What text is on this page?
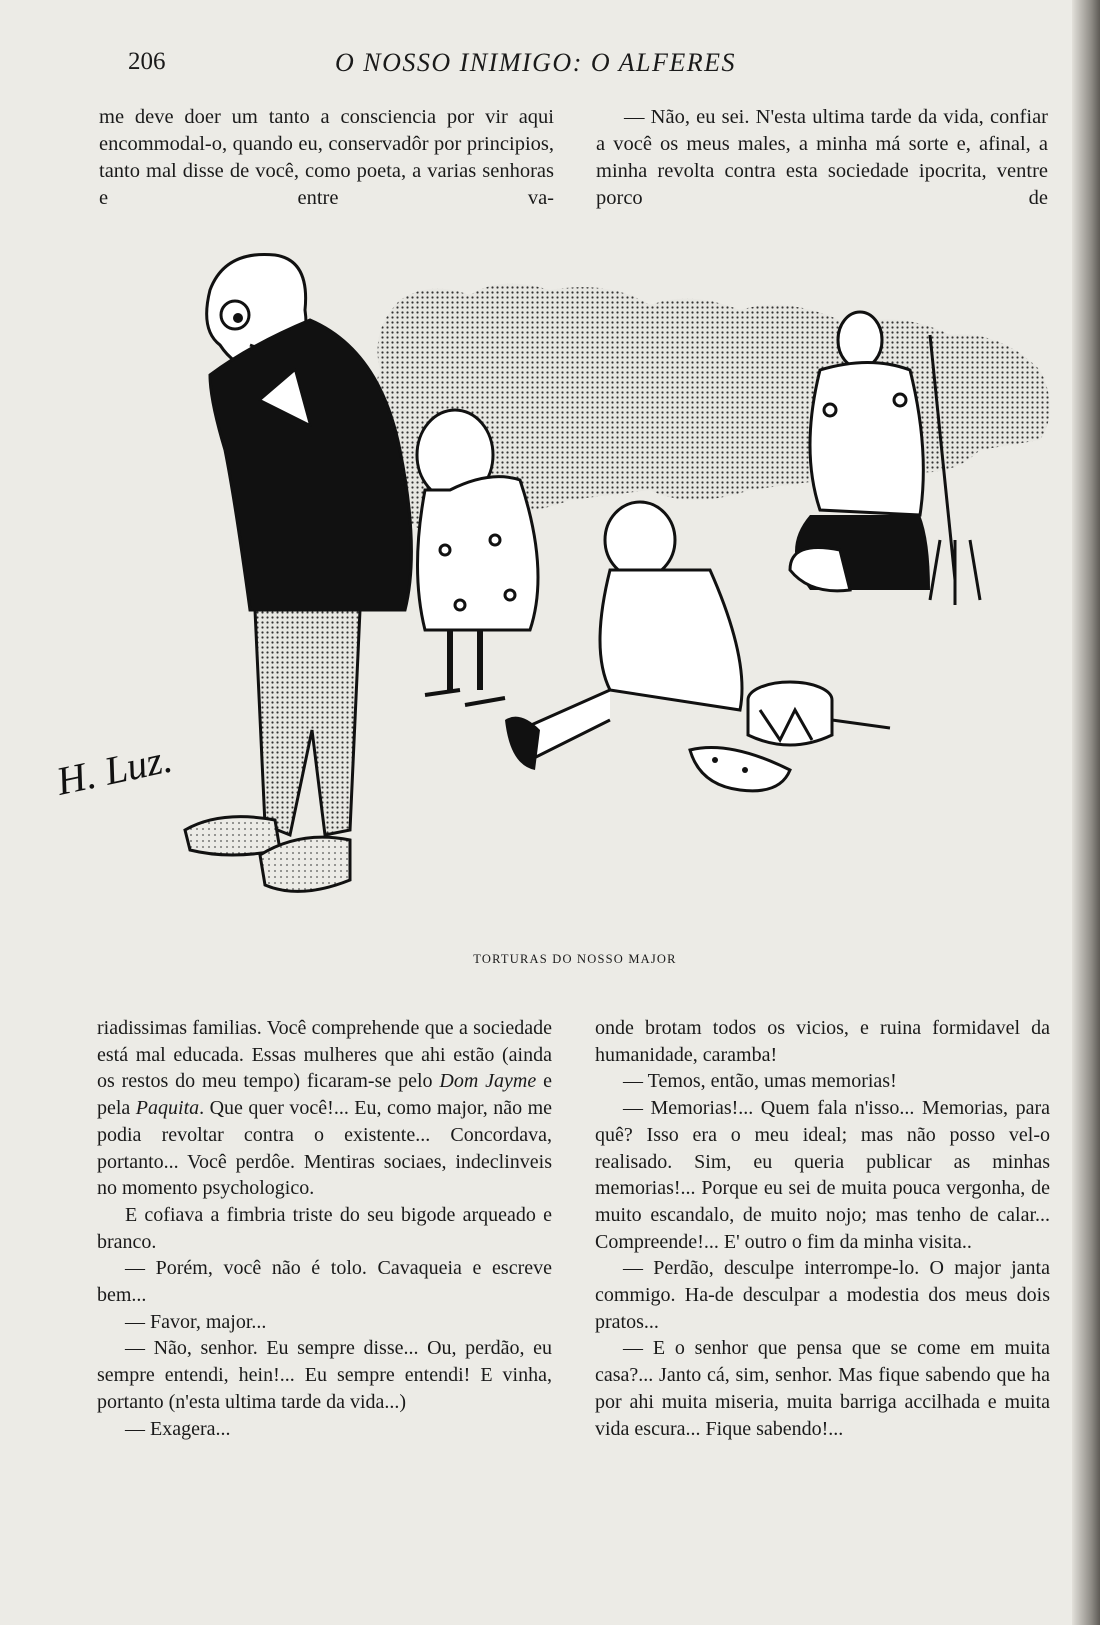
206	O NOSSO INIMIGO: O ALFERES

me deve doer um tanto a consciencia por vir aqui encommodal-o, quando eu, conservadôr por principios, tanto mal disse de você, como poeta, a varias senhoras e entre va-

— Não, eu sei. N'esta ultima tarde da vida, confiar a você os meus males, a minha má sorte e, afinal, a minha revolta contra esta sociedade ipocrita, ventre porco de

H. Luz.
TORTURAS DO NOSSO MAJOR

riadissimas familias. Você comprehende que a sociedade está mal educada. Essas mulheres que ahi estão (ainda os restos do meu tempo) ficaram-se pelo Dom Jayme e pela Paquita. Que quer você!... Eu, como major, não me podia revoltar contra o existente... Concordava, portanto... Você perdôe. Mentiras sociaes, indeclinveis no momento psychologico.

E cofiava a fimbria triste do seu bigode arqueado e branco.

— Porém, você não é tolo. Cavaqueia e escreve bem...

— Favor, major...

— Não, senhor. Eu sempre disse... Ou, perdão, eu sempre entendi, hein!... Eu sempre entendi! E vinha, portanto (n'esta ultima tarde da vida...)

— Exagera...

onde brotam todos os vicios, e ruina formidavel da humanidade, caramba!

— Temos, então, umas memorias!

— Memorias!... Quem fala n'isso... Memorias, para quê? Isso era o meu ideal; mas não posso vel-o realisado. Sim, eu queria publicar as minhas memorias!... Porque eu sei de muita pouca vergonha, de muito escandalo, de muito nojo; mas tenho de calar... Compreende!... E' outro o fim da minha visita..

— Perdão, desculpe interrompe-lo. O major janta commigo. Ha-de desculpar a modestia dos meus dois pratos...

— E o senhor que pensa que se come em muita casa?... Janto cá, sim, senhor. Mas fique sabendo que ha por ahi muita miseria, muita barriga accilhada e muita vida escura... Fique sabendo!...
